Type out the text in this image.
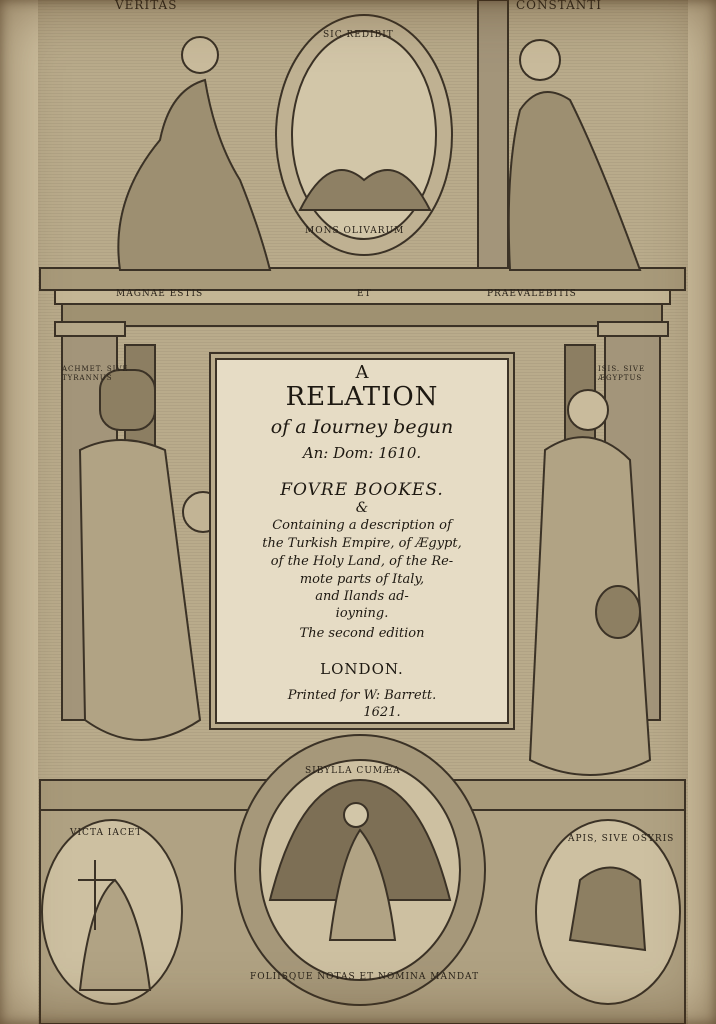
VERITAS	CONSTANTI
SIC REDIBIT
MONS OLIVARUM
MAGNAE ESTIS	ET	PRAEVALEBITIS
ACHMET. SIVE
TYRANNUS
ISIS. SIVE
ÆGYPTUS
SIBYLLA CUMÆA
FOLIISQUE NOTAS ET NOMINA MANDAT
VICTA IACET
APIS, SIVE OSYRIS
A
RELATION
of a Iourney begun
An: Dom: 1610.
FOVRE BOOKES.
&
Containing a description of
the Turkish Empire, of Ægypt,
of the Holy Land, of the Re-
mote parts of Italy,
and Ilands ad-
ioyning.
The second edition
LONDON.
Printed for W: Barrett.
1621.
